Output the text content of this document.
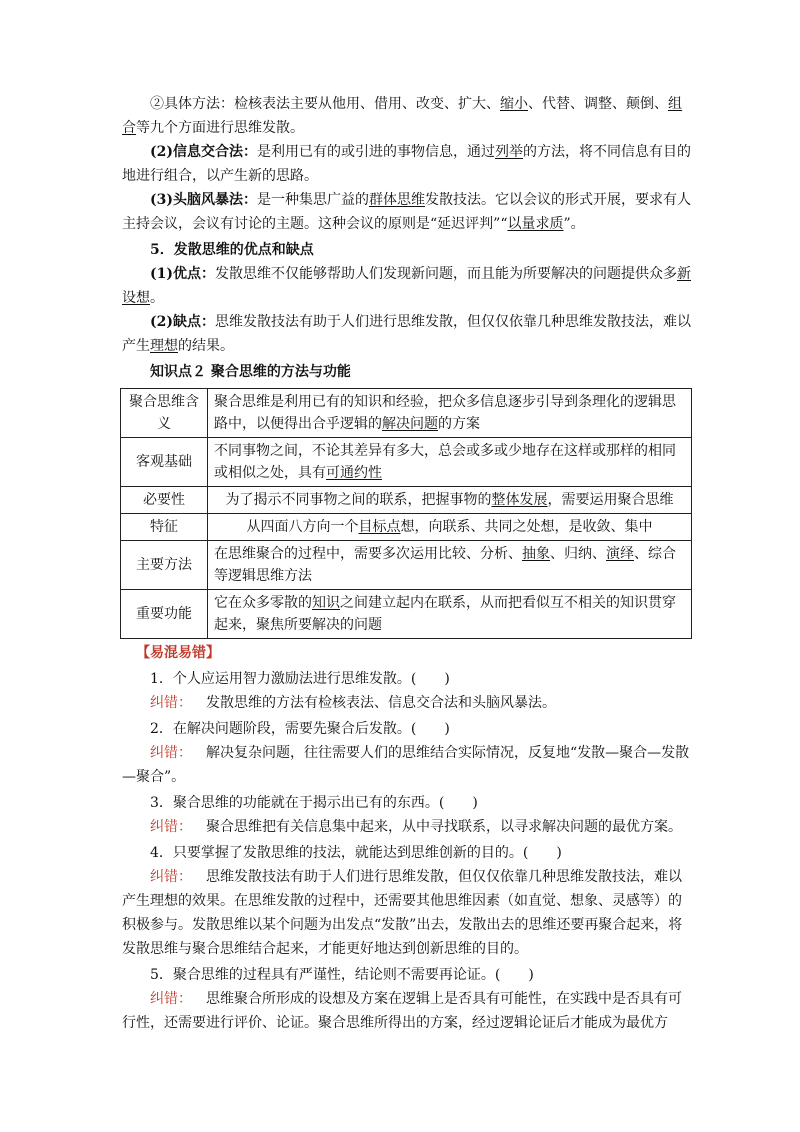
②具体方法：检核表法主要从他用、借用、改变、扩大、缩小、代替、调整、颠倒、组合等九个方面进行思维发散。

(2)信息交合法：是利用已有的或引进的事物信息，通过列举的方法，将不同信息有目的地进行组合，以产生新的思路。

(3)头脑风暴法：是一种集思广益的群体思维发散技法。它以会议的形式开展，要求有人主持会议，会议有讨论的主题。这种会议的原则是“延迟评判”“以量求质”。

5．发散思维的优点和缺点

(1)优点：发散思维不仅能够帮助人们发现新问题，而且能为所要解决的问题提供众多新设想。

(2)缺点：思维发散技法有助于人们进行思维发散，但仅仅依靠几种思维发散技法，难以产生理想的结果。

知识点２ 聚合思维的方法与功能

聚合思维含义	聚合思维是利用已有的知识和经验，把众多信息逐步引导到条理化的逻辑思路中，以便得出合乎逻辑的解决问题的方案
客观基础	不同事物之间，不论其差异有多大，总会或多或少地存在这样或那样的相同或相似之处，具有可通约性
必要性	为了揭示不同事物之间的联系，把握事物的整体发展，需要运用聚合思维
特征	从四面八方向一个目标点想，向联系、共同之处想，是收敛、集中
主要方法	在思维聚合的过程中，需要多次运用比较、分析、抽象、归纳、演绎、综合等逻辑思维方法
重要功能	它在众多零散的知识之间建立起内在联系，从而把看似互不相关的知识贯穿起来，聚焦所要解决的问题

【易混易错】

1．个人应运用智力激励法进行思维发散。(　　)

纠错：  发散思维的方法有检核表法、信息交合法和头脑风暴法。

2．在解决问题阶段，需要先聚合后发散。(　　)

纠错：  解决复杂问题，往往需要人们的思维结合实际情况，反复地“发散—聚合—发散—聚合”。

3．聚合思维的功能就在于揭示出已有的东西。(　　)

纠错：  聚合思维把有关信息集中起来，从中寻找联系，以寻求解决问题的最优方案。

4．只要掌握了发散思维的技法，就能达到思维创新的目的。(　　)

纠错：  思维发散技法有助于人们进行思维发散，但仅仅依靠几种思维发散技法，难以产生理想的效果。在思维发散的过程中，还需要其他思维因素（如直觉、想象、灵感等）的积极参与。发散思维以某个问题为出发点“发散”出去，发散出去的思维还要再聚合起来，将发散思维与聚合思维结合起来，才能更好地达到创新思维的目的。

5．聚合思维的过程具有严谨性，结论则不需要再论证。(　　)

纠错：  思维聚合所形成的设想及方案在逻辑上是否具有可能性，在实践中是否具有可行性，还需要进行评价、论证。聚合思维所得出的方案，经过逻辑论证后才能成为最优方
